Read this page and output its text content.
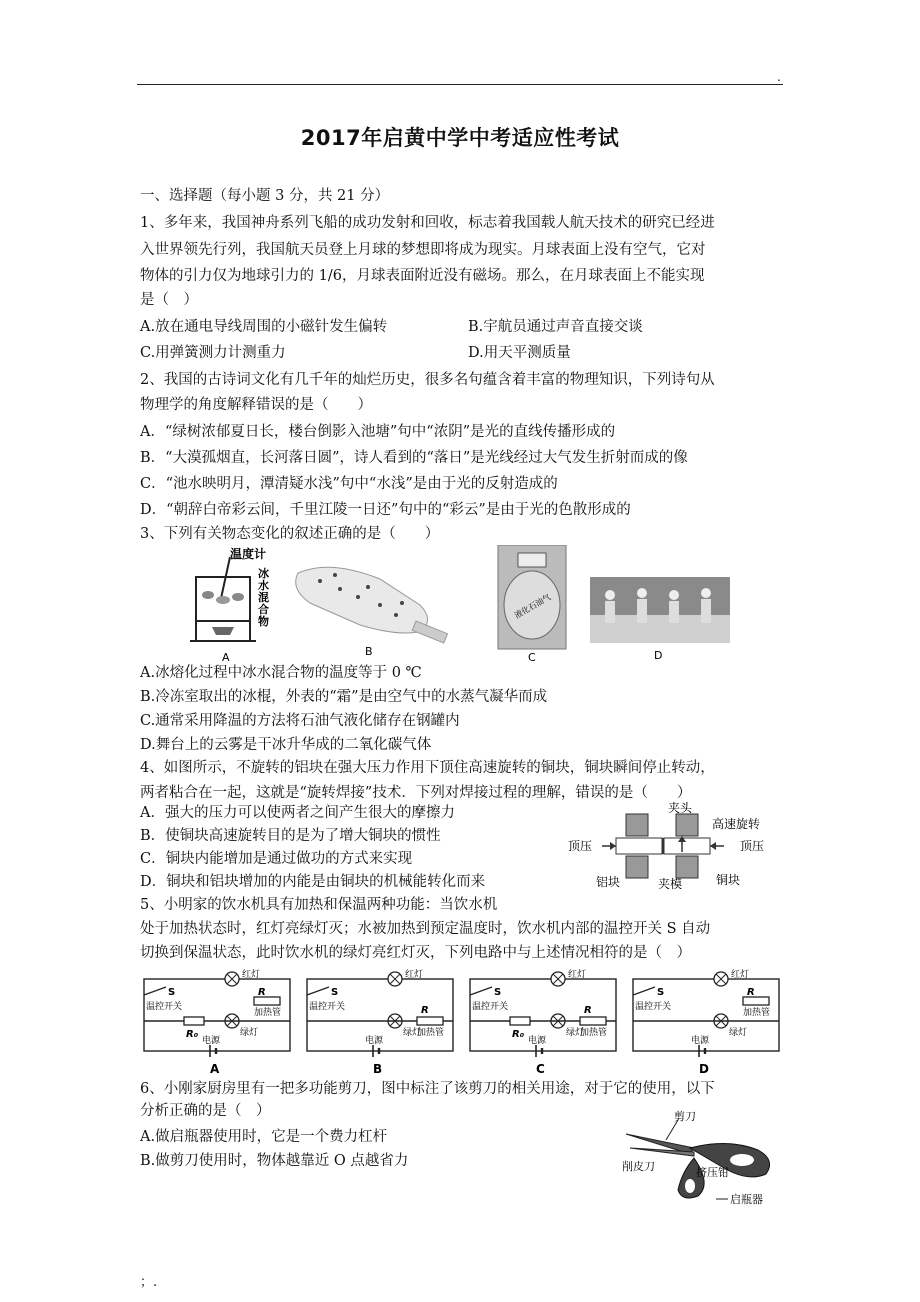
.
2017年启黄中学中考适应性考试
一、选择题（每小题 3 分，共 21 分）
1、多年来，我国神舟系列飞船的成功发射和回收，标志着我国载人航天技术的研究已经进
入世界领先行列，我国航天员登上月球的梦想即将成为现实。月球表面上没有空气，它对
物体的引力仅为地球引力的 1/6，月球表面附近没有磁场。那么，在月球表面上不能实现
是（　）
A.放在通电导线周围的小磁针发生偏转	B.宇航员通过声音直接交谈
C.用弹簧测力计测重力	D.用天平测质量
2、我国的古诗词文化有几千年的灿烂历史，很多名句蕴含着丰富的物理知识，下列诗句从
物理学的角度解释错误的是（　　）
A．“绿树浓郁夏日长，楼台倒影入池塘”句中“浓阴”是光的直线传播形成的
B．“大漠孤烟直，长河落日圆”，诗人看到的“落日”是光线经过大气发生折射而成的像
C．“池水映明月，潭清疑水浅”句中“水浅”是由于光的反射造成的
D．“朝辞白帝彩云间，千里江陵一日还”句中的“彩云”是由于光的色散形成的
3、下列有关物态变化的叙述正确的是（　　）
A
温度计
冰
水
混
合
物
B
液化石油气
C	D
A.冰熔化过程中冰水混合物的温度等于 0 ℃
B.冷冻室取出的冰棍，外表的“霜”是由空气中的水蒸气凝华而成
C.通常采用降温的方法将石油气液化储存在钢罐内
D.舞台上的云雾是干冰升华成的二氧化碳气体
4、如图所示，不旋转的铝块在强大压力作用下顶住高速旋转的铜块，铜块瞬间停止转动，
两者粘合在一起，这就是“旋转焊接”技术．下列对焊接过程的理解，错误的是（　　）
A．强大的压力可以使两者之间产生很大的摩擦力
B．使铜块高速旋转目的是为了增大铜块的惯性
C．铜块内能增加是通过做功的方式来实现
D．铜块和铝块增加的内能是由铜块的机械能转化而来
夹头
高速旋转
顶压	顶压
铝块	夹模	铜块
5、小明家的饮水机具有加热和保温两种功能：当饮水机
处于加热状态时，红灯亮绿灯灭；水被加热到预定温度时，饮水机内部的温控开关 S 自动
切换到保温状态，此时饮水机的绿灯亮红灯灭，下列电路中与上述情况相符的是（　）
电源
S
温控开关
红灯
绿灯
R
加热管
R₀
A
电源
S
温控开关
红灯
绿灯
R
加热管
B
电源
S
温控开关
红灯
绿灯
R
加热管
R₀
C
电源
S
温控开关
红灯
绿灯
R
加热管
D
6、小刚家厨房里有一把多功能剪刀，图中标注了该剪刀的相关用途，对于它的使用，以下
分析正确的是（　）
A.做启瓶器使用时，它是一个费力杠杆
B.做剪刀使用时，物体越靠近 O 点越省力
剪刀
削皮刀	挤压钳
启瓶器
；.
